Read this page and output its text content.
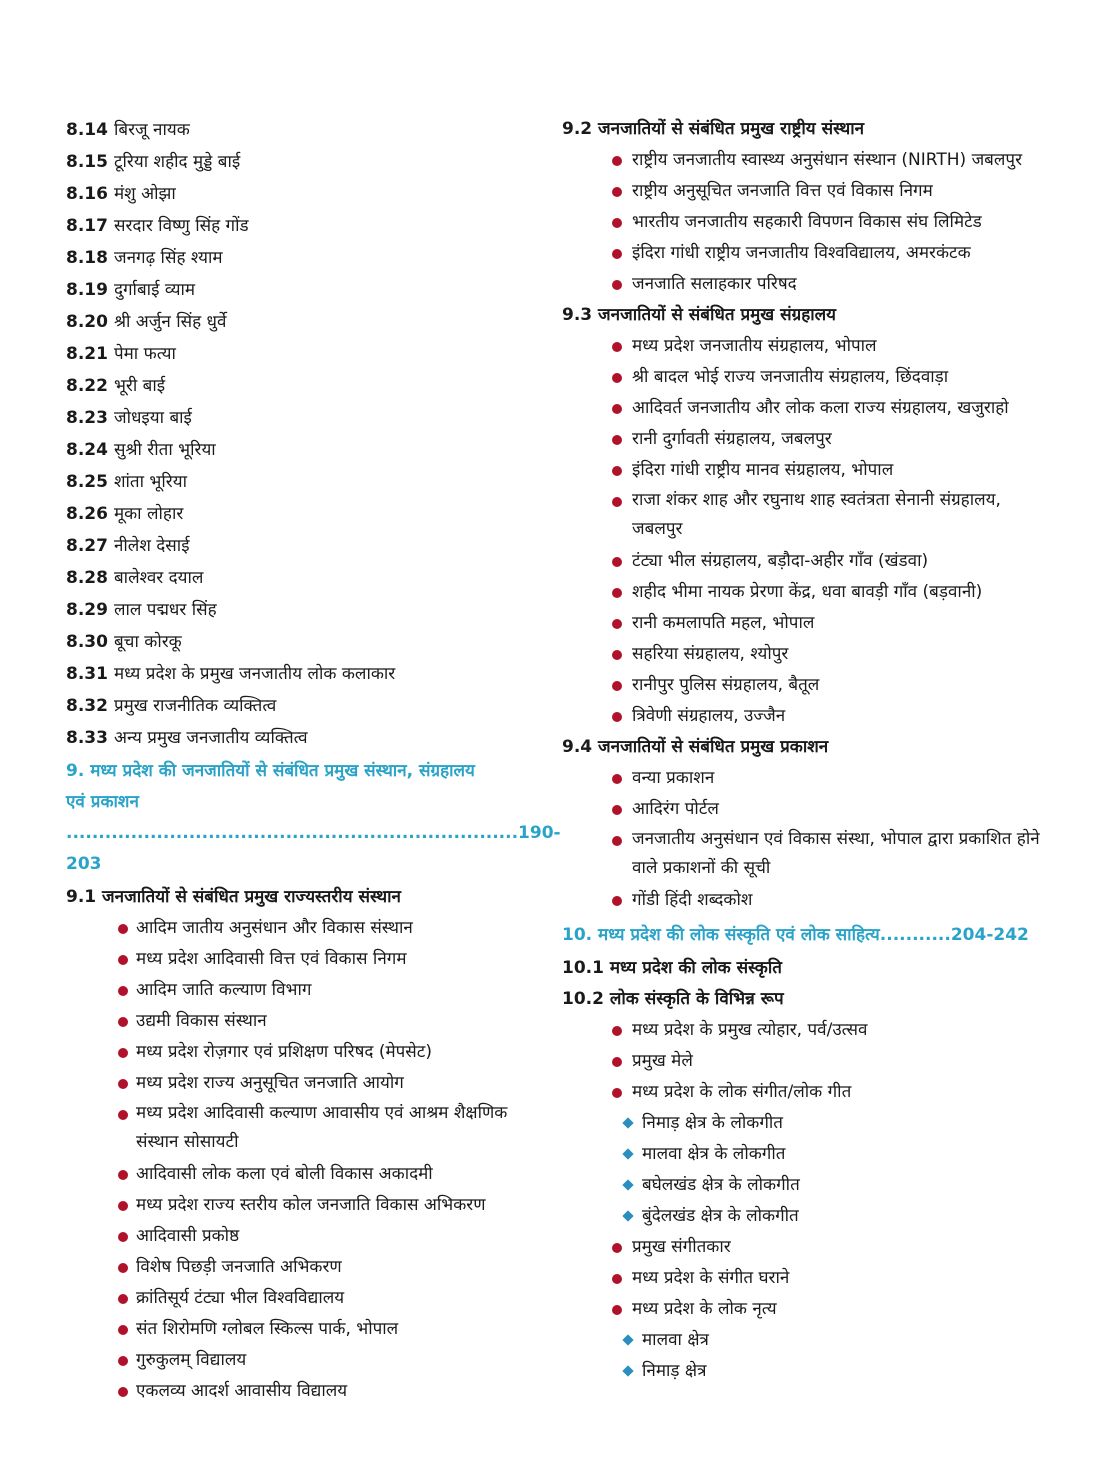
8.14 बिरजू नायक
8.15 टूरिया शहीद मुड्डे बाई
8.16 मंशु ओझा
8.17 सरदार विष्णु सिंह गोंड
8.18 जनगढ़ सिंह श्याम
8.19 दुर्गाबाई व्याम
8.20 श्री अर्जुन सिंह धुर्वे
8.21 पेमा फत्या
8.22 भूरी बाई
8.23 जोधइया बाई
8.24 सुश्री रीता भूरिया
8.25 शांता भूरिया
8.26 मूका लोहार
8.27 नीलेश देसाई
8.28 बालेश्वर दयाल
8.29 लाल पद्मधर सिंह
8.30 बूचा कोरकू
8.31 मध्य प्रदेश के प्रमुख जनजातीय लोक कलाकार
8.32 प्रमुख राजनीतिक व्यक्तित्व
8.33 अन्य प्रमुख जनजातीय व्यक्तित्व
9. मध्य प्रदेश की जनजातियों से संबंधित प्रमुख संस्थान, संग्रहालय
एवं प्रकाशन ......................................................................190-203
9.1 जनजातियों से संबंधित प्रमुख राज्यस्तरीय संस्थान
आदिम जातीय अनुसंधान और विकास संस्थान
मध्य प्रदेश आदिवासी वित्त एवं विकास निगम
आदिम जाति कल्याण विभाग
उद्यमी विकास संस्थान
मध्य प्रदेश रोज़गार एवं प्रशिक्षण परिषद (मेपसेट)
मध्य प्रदेश राज्य अनुसूचित जनजाति आयोग
मध्य प्रदेश आदिवासी कल्याण आवासीय एवं आश्रम शैक्षणिक संस्थान सोसायटी
आदिवासी लोक कला एवं बोली विकास अकादमी
मध्य प्रदेश राज्य स्तरीय कोल जनजाति विकास अभिकरण
आदिवासी प्रकोष्ठ
विशेष पिछड़ी जनजाति अभिकरण
क्रांतिसूर्य टंट्या भील विश्वविद्यालय
संत शिरोमणि ग्लोबल स्किल्स पार्क, भोपाल
गुरुकुलम् विद्यालय
एकलव्य आदर्श आवासीय विद्यालय
9.2 जनजातियों से संबंधित प्रमुख राष्ट्रीय संस्थान
राष्ट्रीय जनजातीय स्वास्थ्य अनुसंधान संस्थान (NIRTH) जबलपुर
राष्ट्रीय अनुसूचित जनजाति वित्त एवं विकास निगम
भारतीय जनजातीय सहकारी विपणन विकास संघ लिमिटेड
इंदिरा गांधी राष्ट्रीय जनजातीय विश्वविद्यालय, अमरकंटक
जनजाति सलाहकार परिषद
9.3 जनजातियों से संबंधित प्रमुख संग्रहालय
मध्य प्रदेश जनजातीय संग्रहालय, भोपाल
श्री बादल भोई राज्य जनजातीय संग्रहालय, छिंदवाड़ा
आदिवर्त जनजातीय और लोक कला राज्य संग्रहालय, खजुराहो
रानी दुर्गावती संग्रहालय, जबलपुर
इंदिरा गांधी राष्ट्रीय मानव संग्रहालय, भोपाल
राजा शंकर शाह और रघुनाथ शाह स्वतंत्रता सेनानी संग्रहालय, जबलपुर
टंट्या भील संग्रहालय, बड़ौदा-अहीर गाँव (खंडवा)
शहीद भीमा नायक प्रेरणा केंद्र, धवा बावड़ी गाँव (बड़वानी)
रानी कमलापति महल, भोपाल
सहरिया संग्रहालय, श्योपुर
रानीपुर पुलिस संग्रहालय, बैतूल
त्रिवेणी संग्रहालय, उज्जैन
9.4 जनजातियों से संबंधित प्रमुख प्रकाशन
वन्या प्रकाशन
आदिरंग पोर्टल
जनजातीय अनुसंधान एवं विकास संस्था, भोपाल द्वारा प्रकाशित होने वाले प्रकाशनों की सूची
गोंडी हिंदी शब्दकोश
10. मध्य प्रदेश की लोक संस्कृति एवं लोक साहित्य...........204-242
10.1 मध्य प्रदेश की लोक संस्कृति
10.2 लोक संस्कृति के विभिन्न रूप
मध्य प्रदेश के प्रमुख त्योहार, पर्व/उत्सव
प्रमुख मेले
मध्य प्रदेश के लोक संगीत/लोक गीत
निमाड़ क्षेत्र के लोकगीत
मालवा क्षेत्र के लोकगीत
बघेलखंड क्षेत्र के लोकगीत
बुंदेलखंड क्षेत्र के लोकगीत
प्रमुख संगीतकार
मध्य प्रदेश के संगीत घराने
मध्य प्रदेश के लोक नृत्य
मालवा क्षेत्र
निमाड़ क्षेत्र
